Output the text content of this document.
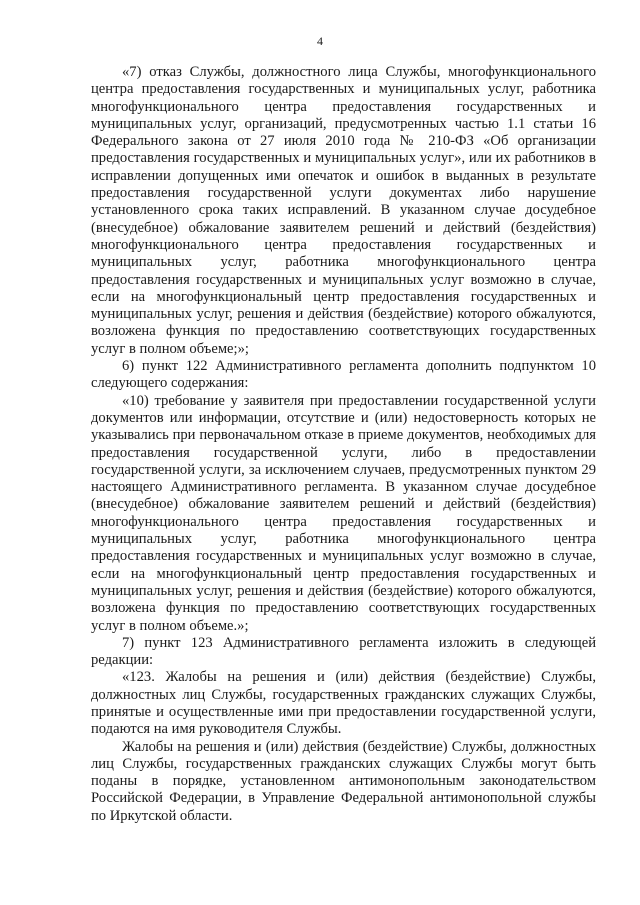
4

«7) отказ Службы, должностного лица Службы, многофункционального центра предоставления государственных и муниципальных услуг, работника многофункционального центра предоставления государственных и муниципальных услуг, организаций, предусмотренных частью 1.1 статьи 16 Федерального закона от 27 июля 2010 года № 210-ФЗ «Об организации предоставления государственных и муниципальных услуг», или их работников в исправлении допущенных ими опечаток и ошибок в выданных в результате предоставления государственной услуги документах либо нарушение установленного срока таких исправлений. В указанном случае досудебное (внесудебное) обжалование заявителем решений и действий (бездействия) многофункционального центра предоставления государственных и муниципальных услуг, работника многофункционального центра предоставления государственных и муниципальных услуг возможно в случае, если на многофункциональный центр предоставления государственных и муниципальных услуг, решения и действия (бездействие) которого обжалуются, возложена функция по предоставлению соответствующих государственных услуг в полном объеме;»;

6) пункт 122 Административного регламента дополнить подпунктом 10 следующего содержания:

«10) требование у заявителя при предоставлении государственной услуги документов или информации, отсутствие и (или) недостоверность которых не указывались при первоначальном отказе в приеме документов, необходимых для предоставления государственной услуги, либо в предоставлении государственной услуги, за исключением случаев, предусмотренных пунктом 29 настоящего Административного регламента. В указанном случае досудебное (внесудебное) обжалование заявителем решений и действий (бездействия) многофункционального центра предоставления государственных и муниципальных услуг, работника многофункционального центра предоставления государственных и муниципальных услуг возможно в случае, если на многофункциональный центр предоставления государственных и муниципальных услуг, решения и действия (бездействие) которого обжалуются, возложена функция по предоставлению соответствующих государственных услуг в полном объеме.»;

7) пункт 123 Административного регламента изложить в следующей редакции:

«123. Жалобы на решения и (или) действия (бездействие) Службы, должностных лиц Службы, государственных гражданских служащих Службы, принятые и осуществленные ими при предоставлении государственной услуги, подаются на имя руководителя Службы.

Жалобы на решения и (или) действия (бездействие) Службы, должностных лиц Службы, государственных гражданских служащих Службы могут быть поданы в порядке, установленном антимонопольным законодательством Российской Федерации, в Управление Федеральной антимонопольной службы по Иркутской области.
